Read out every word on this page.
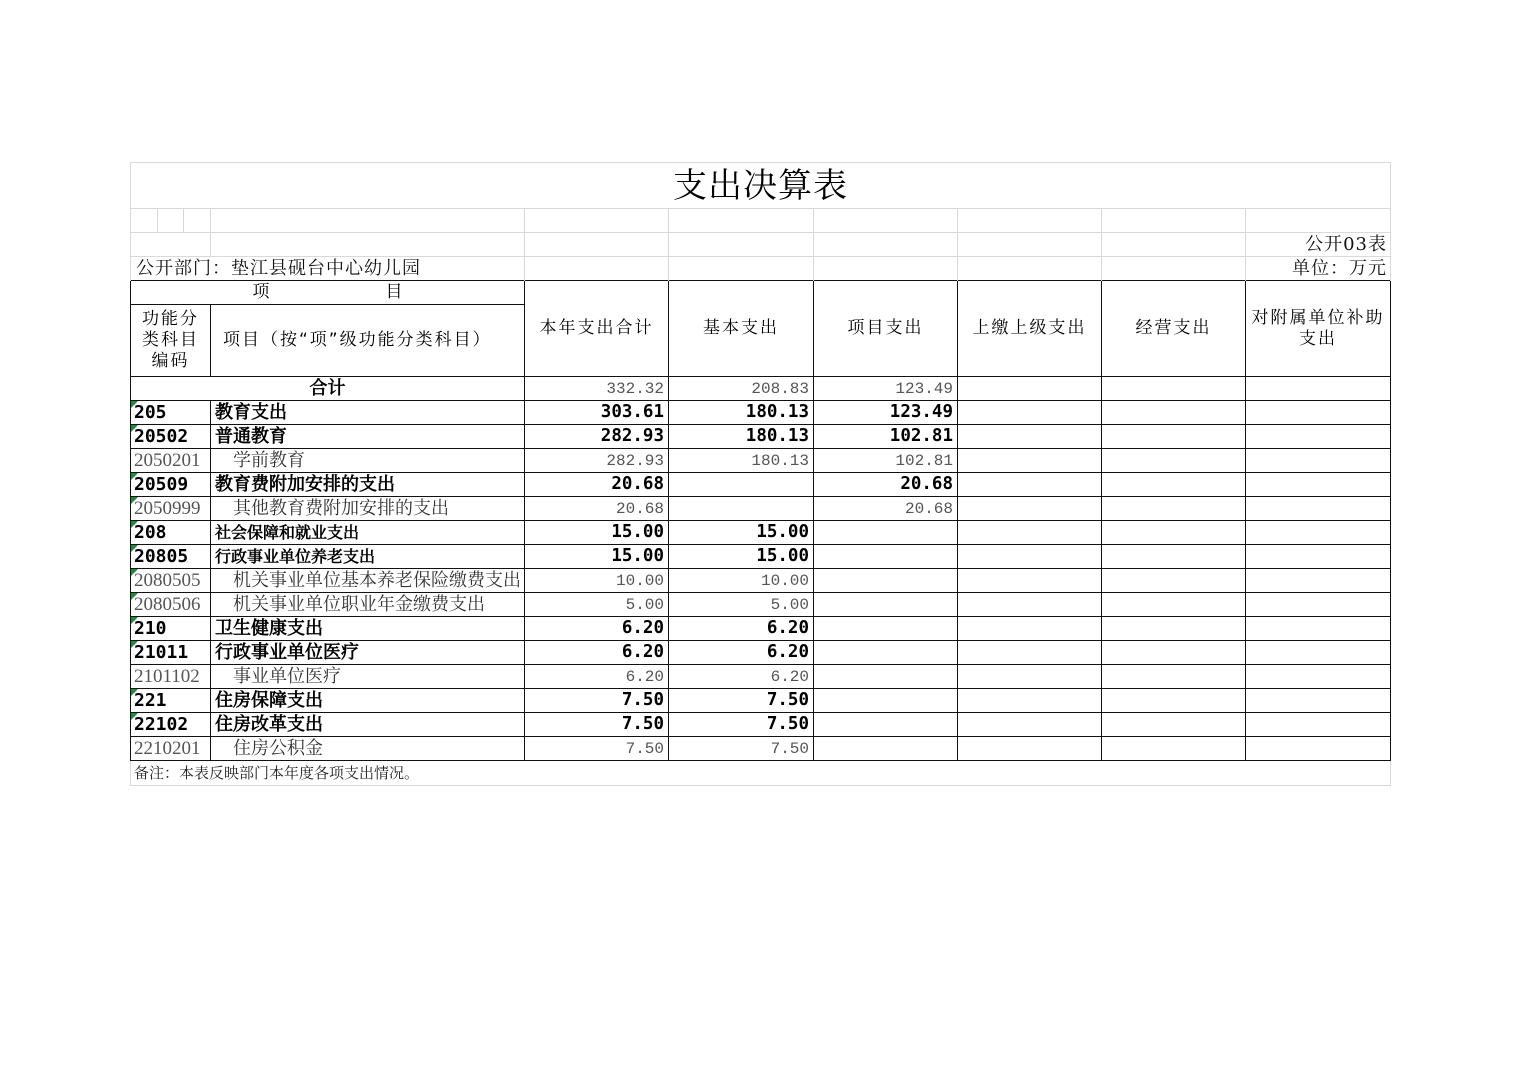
支出决算表							

							公开03表
公开部门：垫江县砚台中心幼儿园							单位：万元

项 目		本年支出合计	基本支出	项目支出	上缴上级支出	经营支出	对附属单位补助支出

功能分类科目编码	项目（按“项”级功能分类科目）						
合计		332.32	208.83	123.49			

205	教育支出	303.61	180.13	123.49			

20502	普通教育	282.93	180.13	102.81			
2050201	学前教育	282.93	180.13	102.81			

20509	教育费附加安排的支出	20.68		20.68			

2050999	其他教育费附加安排的支出	20.68		20.68			

208	社会保障和就业支出	15.00	15.00				

20805	行政事业单位养老支出	15.00	15.00				

2080505	机关事业单位基本养老保险缴费支出	10.00	10.00				

2080506	机关事业单位职业年金缴费支出	5.00	5.00				

210	卫生健康支出	6.20	6.20				

21011	行政事业单位医疗	6.20	6.20				
2101102	事业单位医疗	6.20	6.20				

221	住房保障支出	7.50	7.50				

22102	住房改革支出	7.50	7.50				
2210201	住房公积金	7.50	7.50				
备注：本表反映部门本年度各项支出情况。							
